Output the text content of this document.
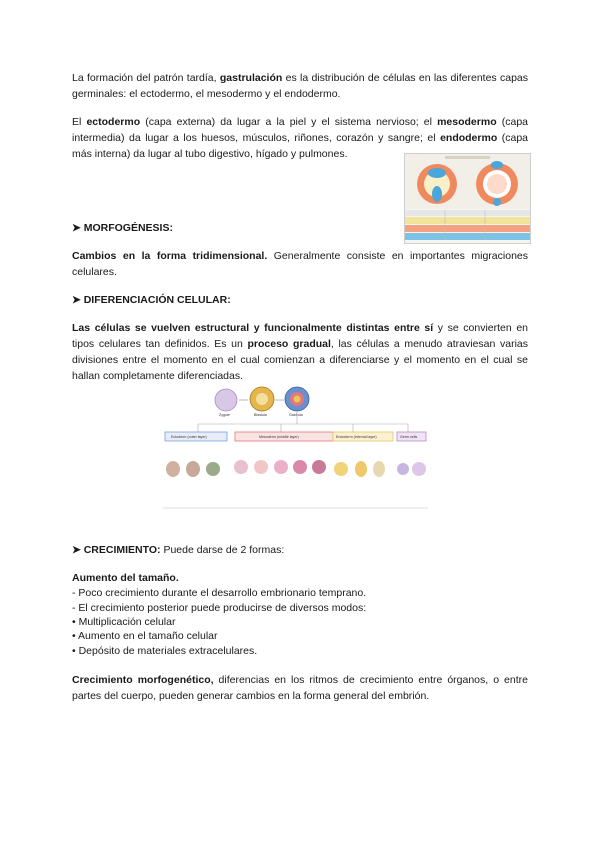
La formación del patrón tardía, gastrulación es la distribución de células en las diferentes capas germinales: el ectodermo, el mesodermo y el endodermo.

El ectodermo (capa externa) da lugar a la piel y el sistema nervioso; el mesodermo (capa intermedia) da lugar a los huesos, músculos, riñones, corazón y sangre; el endodermo (capa más interna) da lugar al tubo digestivo, hígado y pulmones.

➤ MORFOGÉNESIS:

Cambios en la forma tridimensional. Generalmente consiste en importantes migraciones celulares.

➤ DIFERENCIACIÓN CELULAR:

Las células se vuelven estructural y funcionalmente distintas entre sí y se convierten en tipos celulares tan definidos. Es un proceso gradual, las células a menudo atraviesan varias divisiones entre el momento en el cual comienzan a diferenciarse y el momento en el cual se hallan completamente diferenciadas.

Zygote	Blastula	Gastrula
Ectoderm (outer layer)	Mesoderm (middle layer)	Endoderm (internal layer)	Germ cells

➤ CRECIMIENTO: Puede darse de 2 formas:

Aumento del tamaño.

- Poco crecimiento durante el desarrollo embrionario temprano.

- El crecimiento posterior puede producirse de diversos modos:

• Multiplicación celular

• Aumento en el tamaño celular

• Depósito de materiales extracelulares.

Crecimiento morfogenético, diferencias en los ritmos de crecimiento entre órganos, o entre partes del cuerpo, pueden generar cambios en la forma general del embrión.
